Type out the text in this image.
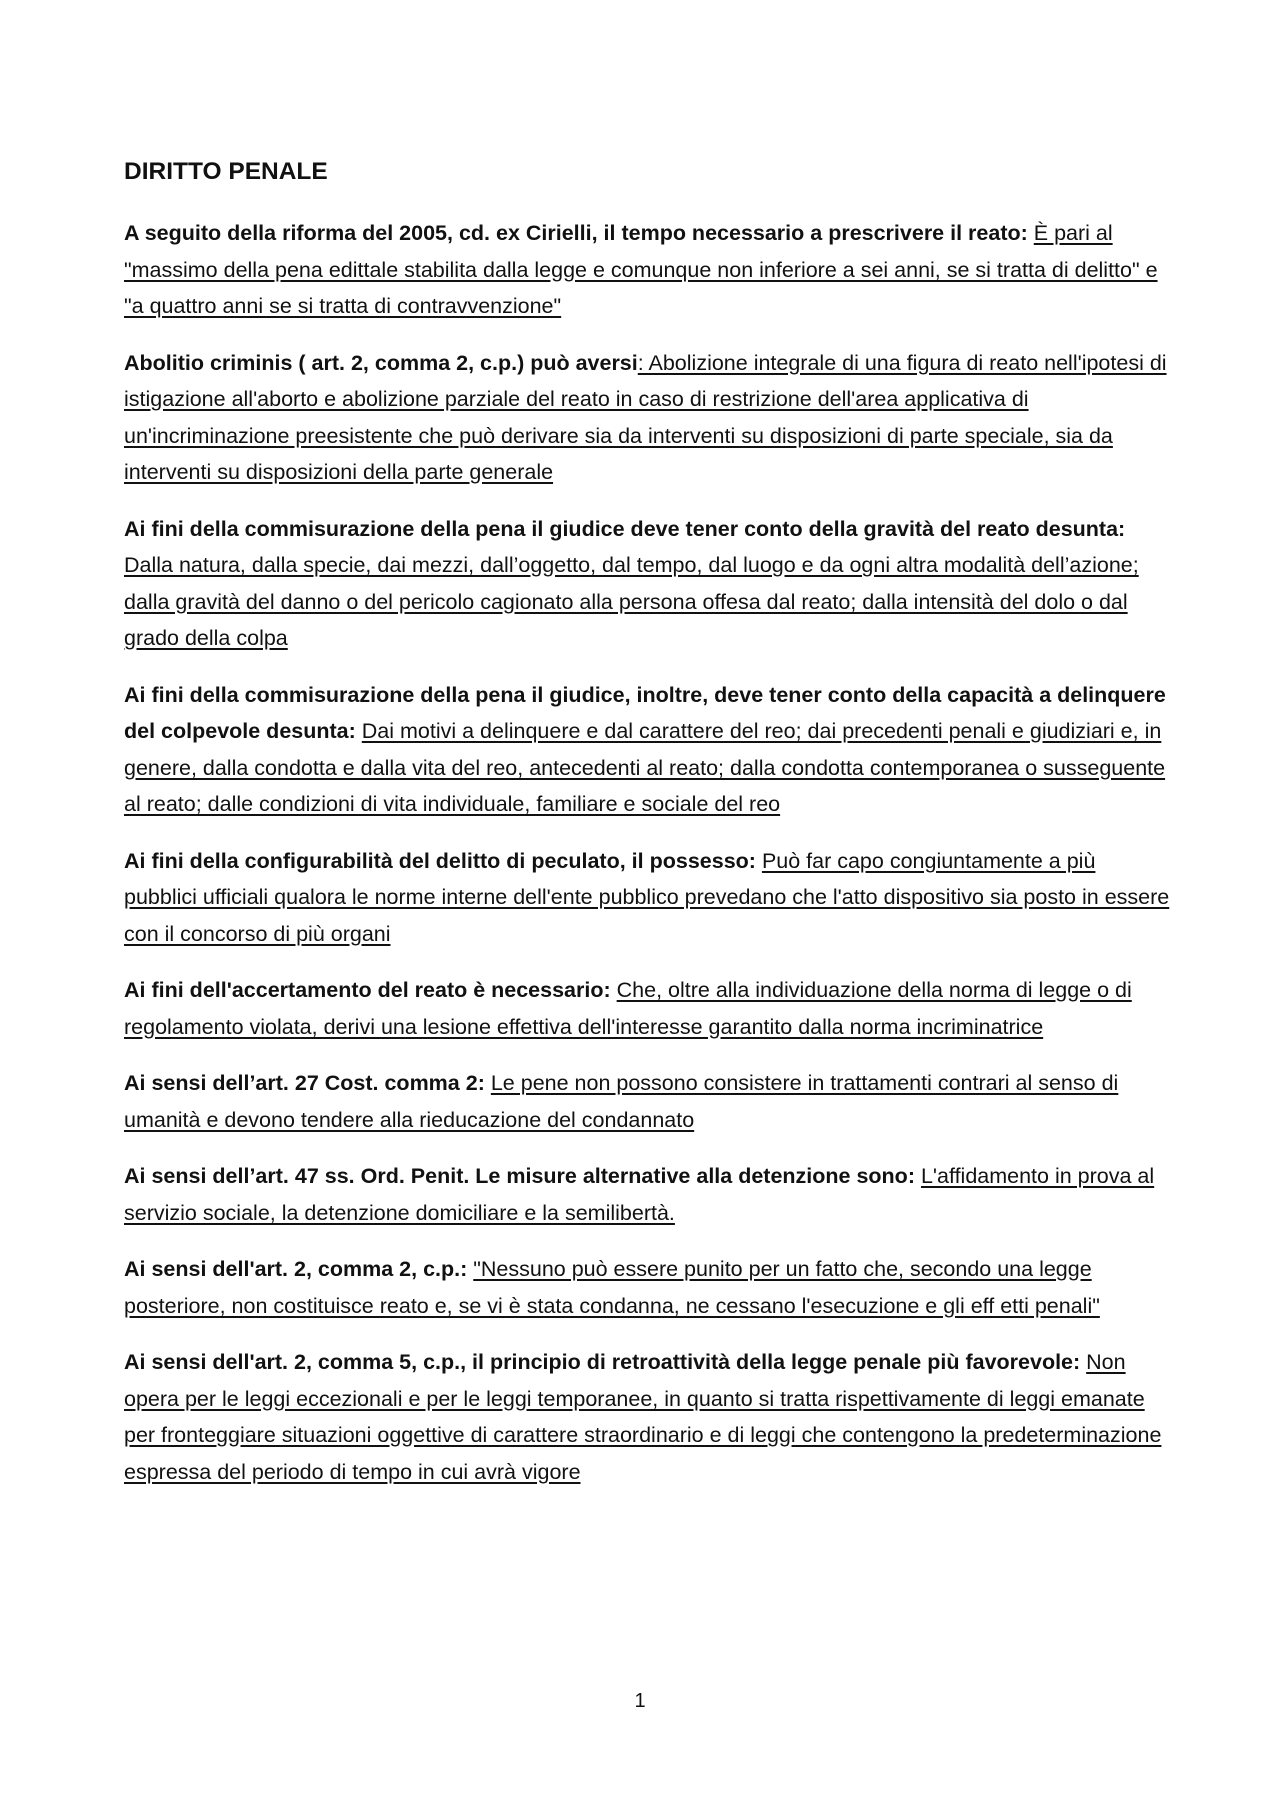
DIRITTO PENALE

A seguito della riforma del 2005, cd. ex Cirielli, il tempo necessario a prescrivere il reato: È pari al "massimo della pena edittale stabilita dalla legge e comunque non inferiore a sei anni, se si tratta di delitto" e "a quattro anni se si tratta di contravvenzione"

Abolitio criminis ( art. 2, comma 2, c.p.) può aversi: Abolizione integrale di una figura di reato nell'ipotesi di istigazione all'aborto e abolizione parziale del reato in caso di restrizione dell'area applicativa di un'incriminazione preesistente che può derivare sia da interventi su disposizioni di parte speciale, sia da interventi su disposizioni della parte generale

Ai fini della commisurazione della pena il giudice deve tener conto della gravità del reato desunta: Dalla natura, dalla specie, dai mezzi, dall’oggetto, dal tempo, dal luogo e da ogni altra modalità dell’azione; dalla gravità del danno o del pericolo cagionato alla persona offesa dal reato; dalla intensità del dolo o dal grado della colpa

Ai fini della commisurazione della pena il giudice, inoltre, deve tener conto della capacità a delinquere del colpevole desunta: Dai motivi a delinquere e dal carattere del reo; dai precedenti penali e giudiziari e, in genere, dalla condotta e dalla vita del reo, antecedenti al reato; dalla condotta contemporanea o susseguente al reato; dalle condizioni di vita individuale, familiare e sociale del reo

Ai fini della configurabilità del delitto di peculato, il possesso: Può far capo congiuntamente a più pubblici ufficiali qualora le norme interne dell'ente pubblico prevedano che l'atto dispositivo sia posto in essere con il concorso di più organi

Ai fini dell'accertamento del reato è necessario: Che, oltre alla individuazione della norma di legge o di regolamento violata, derivi una lesione effettiva dell'interesse garantito dalla norma incriminatrice

Ai sensi dell’art. 27 Cost. comma 2: Le pene non possono consistere in trattamenti contrari al senso di umanità e devono tendere alla rieducazione del condannato

Ai sensi dell’art. 47 ss. Ord. Penit. Le misure alternative alla detenzione sono: L'affidamento in prova al servizio sociale, la detenzione domiciliare e la semilibertà.

Ai sensi dell'art. 2, comma 2, c.p.: "Nessuno può essere punito per un fatto che, secondo una legge posteriore, non costituisce reato e, se vi è stata condanna, ne cessano l'esecuzione e gli eff etti penali"

Ai sensi dell'art. 2, comma 5, c.p., il principio di retroattività della legge penale più favorevole: Non opera per le leggi eccezionali e per le leggi temporanee, in quanto si tratta rispettivamente di leggi emanate per fronteggiare situazioni oggettive di carattere straordinario e di leggi che contengono la predeterminazione espressa del periodo di tempo in cui avrà vigore

1
